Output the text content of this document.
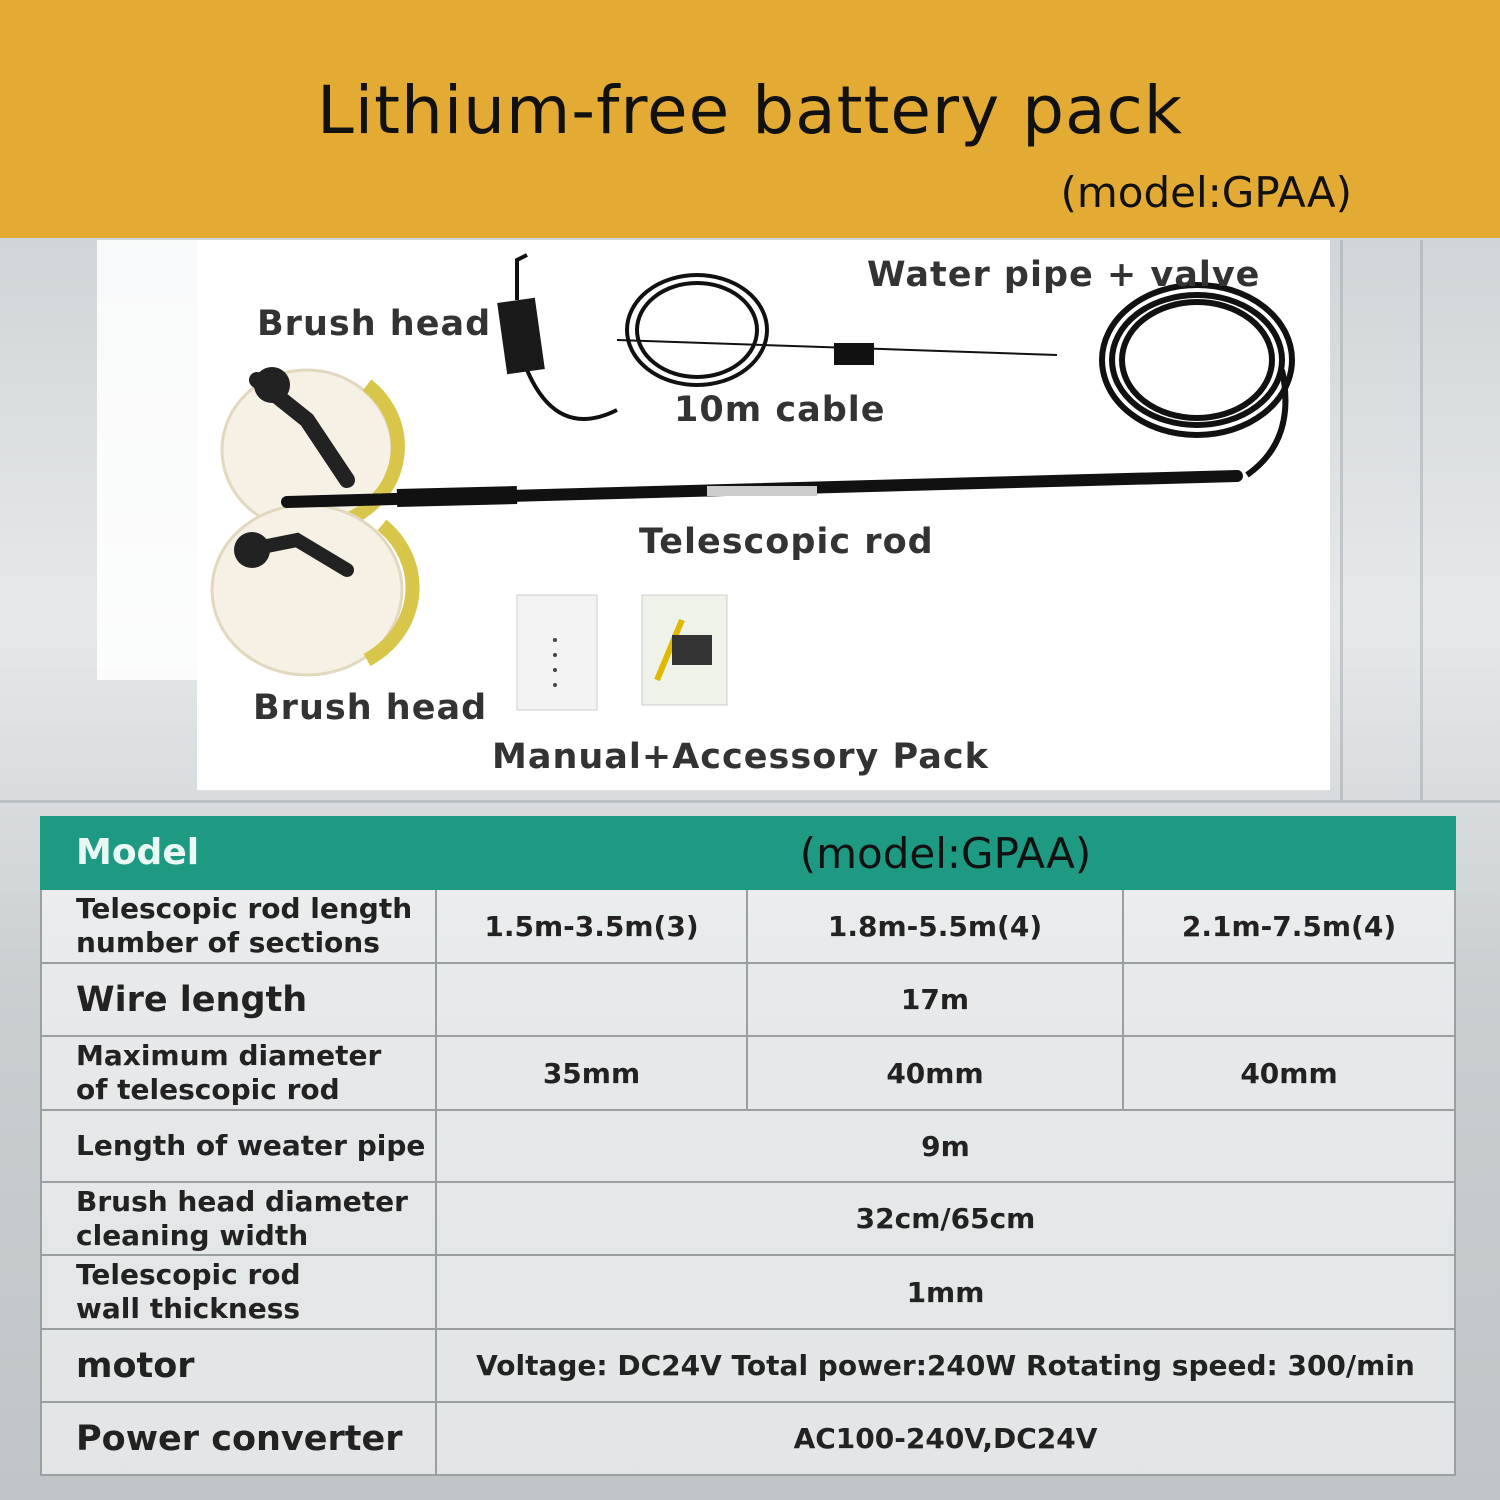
Lithium-free battery pack
(model:GPAA)
Brush head
Water pipe + valve
10m cable
Telescopic rod
Brush head
Manual+Accessory Pack
Model	(model:GPAA)		

Telescopic rod length
number of sections	1.5m-3.5m(3)	1.8m-5.5m(4)	2.1m-7.5m(4)
Wire length		17m	

Maximum diameter
of telescopic rod	35mm	40mm	40mm
Length of weater pipe	9m		

Brush head diameter
cleaning width	32cm/65cm		

Telescopic rod
wall thickness	1mm		
motor	Voltage: DC24V Total power:240W Rotating speed: 300/min		
Power converter	AC100-240V,DC24V		
